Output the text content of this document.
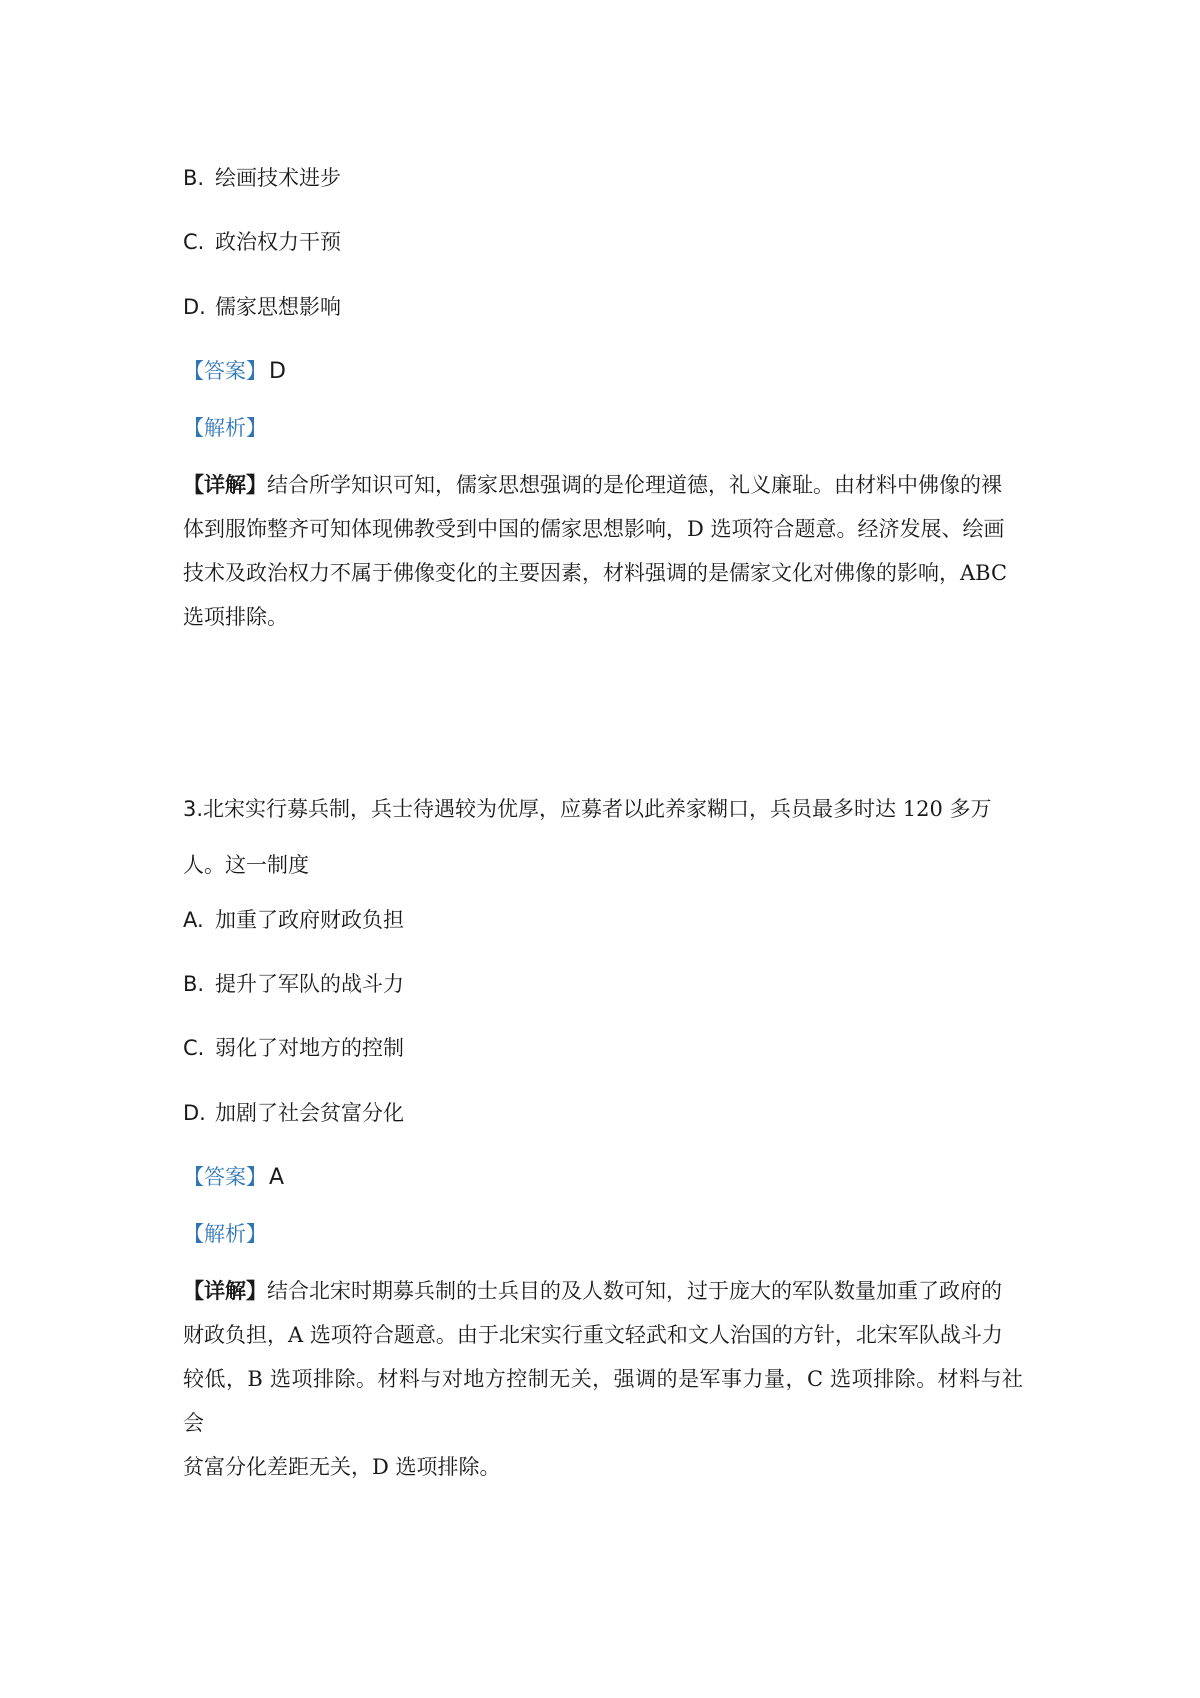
B. 绘画技术进步
C. 政治权力干预
D. 儒家思想影响
【答案】D
【解析】
【详解】结合所学知识可知，儒家思想强调的是伦理道德，礼义廉耻。由材料中佛像的裸
体到服饰整齐可知体现佛教受到中国的儒家思想影响，D 选项符合题意。经济发展、绘画
技术及政治权力不属于佛像变化的主要因素，材料强调的是儒家文化对佛像的影响，ABC
选项排除。
3.北宋实行募兵制，兵士待遇较为优厚，应募者以此养家糊口，兵员最多时达 120 多万
人。这一制度
A. 加重了政府财政负担
B. 提升了军队的战斗力
C. 弱化了对地方的控制
D. 加剧了社会贫富分化
【答案】A
【解析】
【详解】结合北宋时期募兵制的士兵目的及人数可知，过于庞大的军队数量加重了政府的
财政负担，A 选项符合题意。由于北宋实行重文轻武和文人治国的方针，北宋军队战斗力
较低，B 选项排除。材料与对地方控制无关，强调的是军事力量，C 选项排除。材料与社会
贫富分化差距无关，D 选项排除。
